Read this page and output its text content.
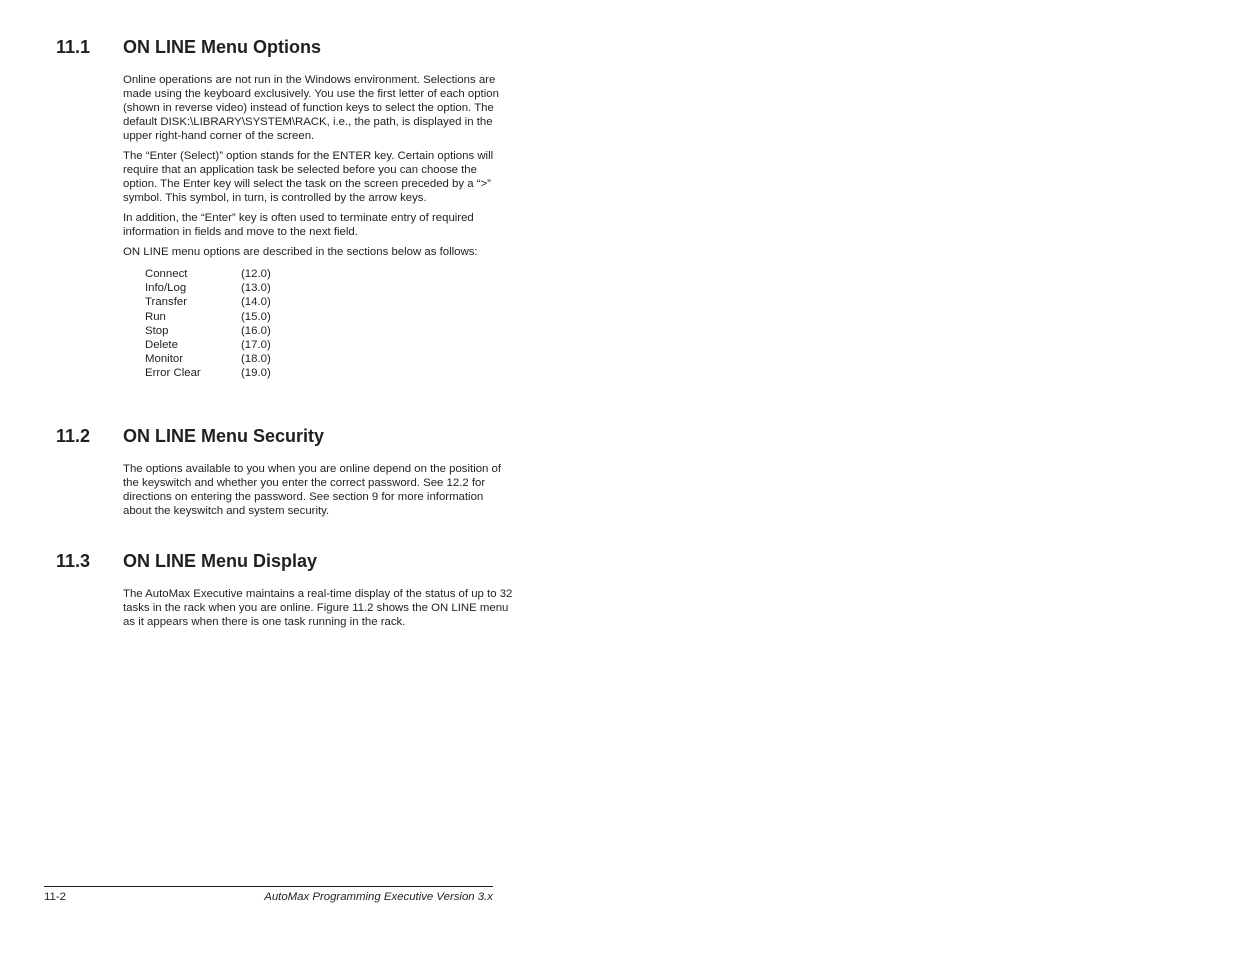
11.1	ON LINE Menu Options

Online operations are not run in the Windows environment. Selections are made using the keyboard exclusively. You use the first letter of each option (shown in reverse video) instead of function keys to select the option. The default DISK:\LIBRARY\SYSTEM\RACK, i.e., the path, is displayed in the upper right-hand corner of the screen.

The “Enter (Select)” option stands for the ENTER key. Certain options will require that an application task be selected before you can choose the option. The Enter key will select the task on the screen preceded by a “>” symbol. This symbol, in turn, is controlled by the arrow keys.

In addition, the “Enter” key is often used to terminate entry of required information in fields and move to the next field.

ON LINE menu options are described in the sections below as follows:

Connect	(12.0)
Info/Log	(13.0)
Transfer	(14.0)
Run	(15.0)
Stop	(16.0)
Delete	(17.0)
Monitor	(18.0)
Error Clear	(19.0)
11.2	ON LINE Menu Security

The options available to you when you are online depend on the position of the keyswitch and whether you enter the correct password. See 12.2 for directions on entering the password. See section 9 for more information about the keyswitch and system security.

11.3	ON LINE Menu Display

The AutoMax Executive maintains a real-time display of the status of up to 32 tasks in the rack when you are online. Figure 11.2 shows the ON LINE menu as it appears when there is one task running in the rack.

11-2	AutoMax Programming Executive Version 3.x
